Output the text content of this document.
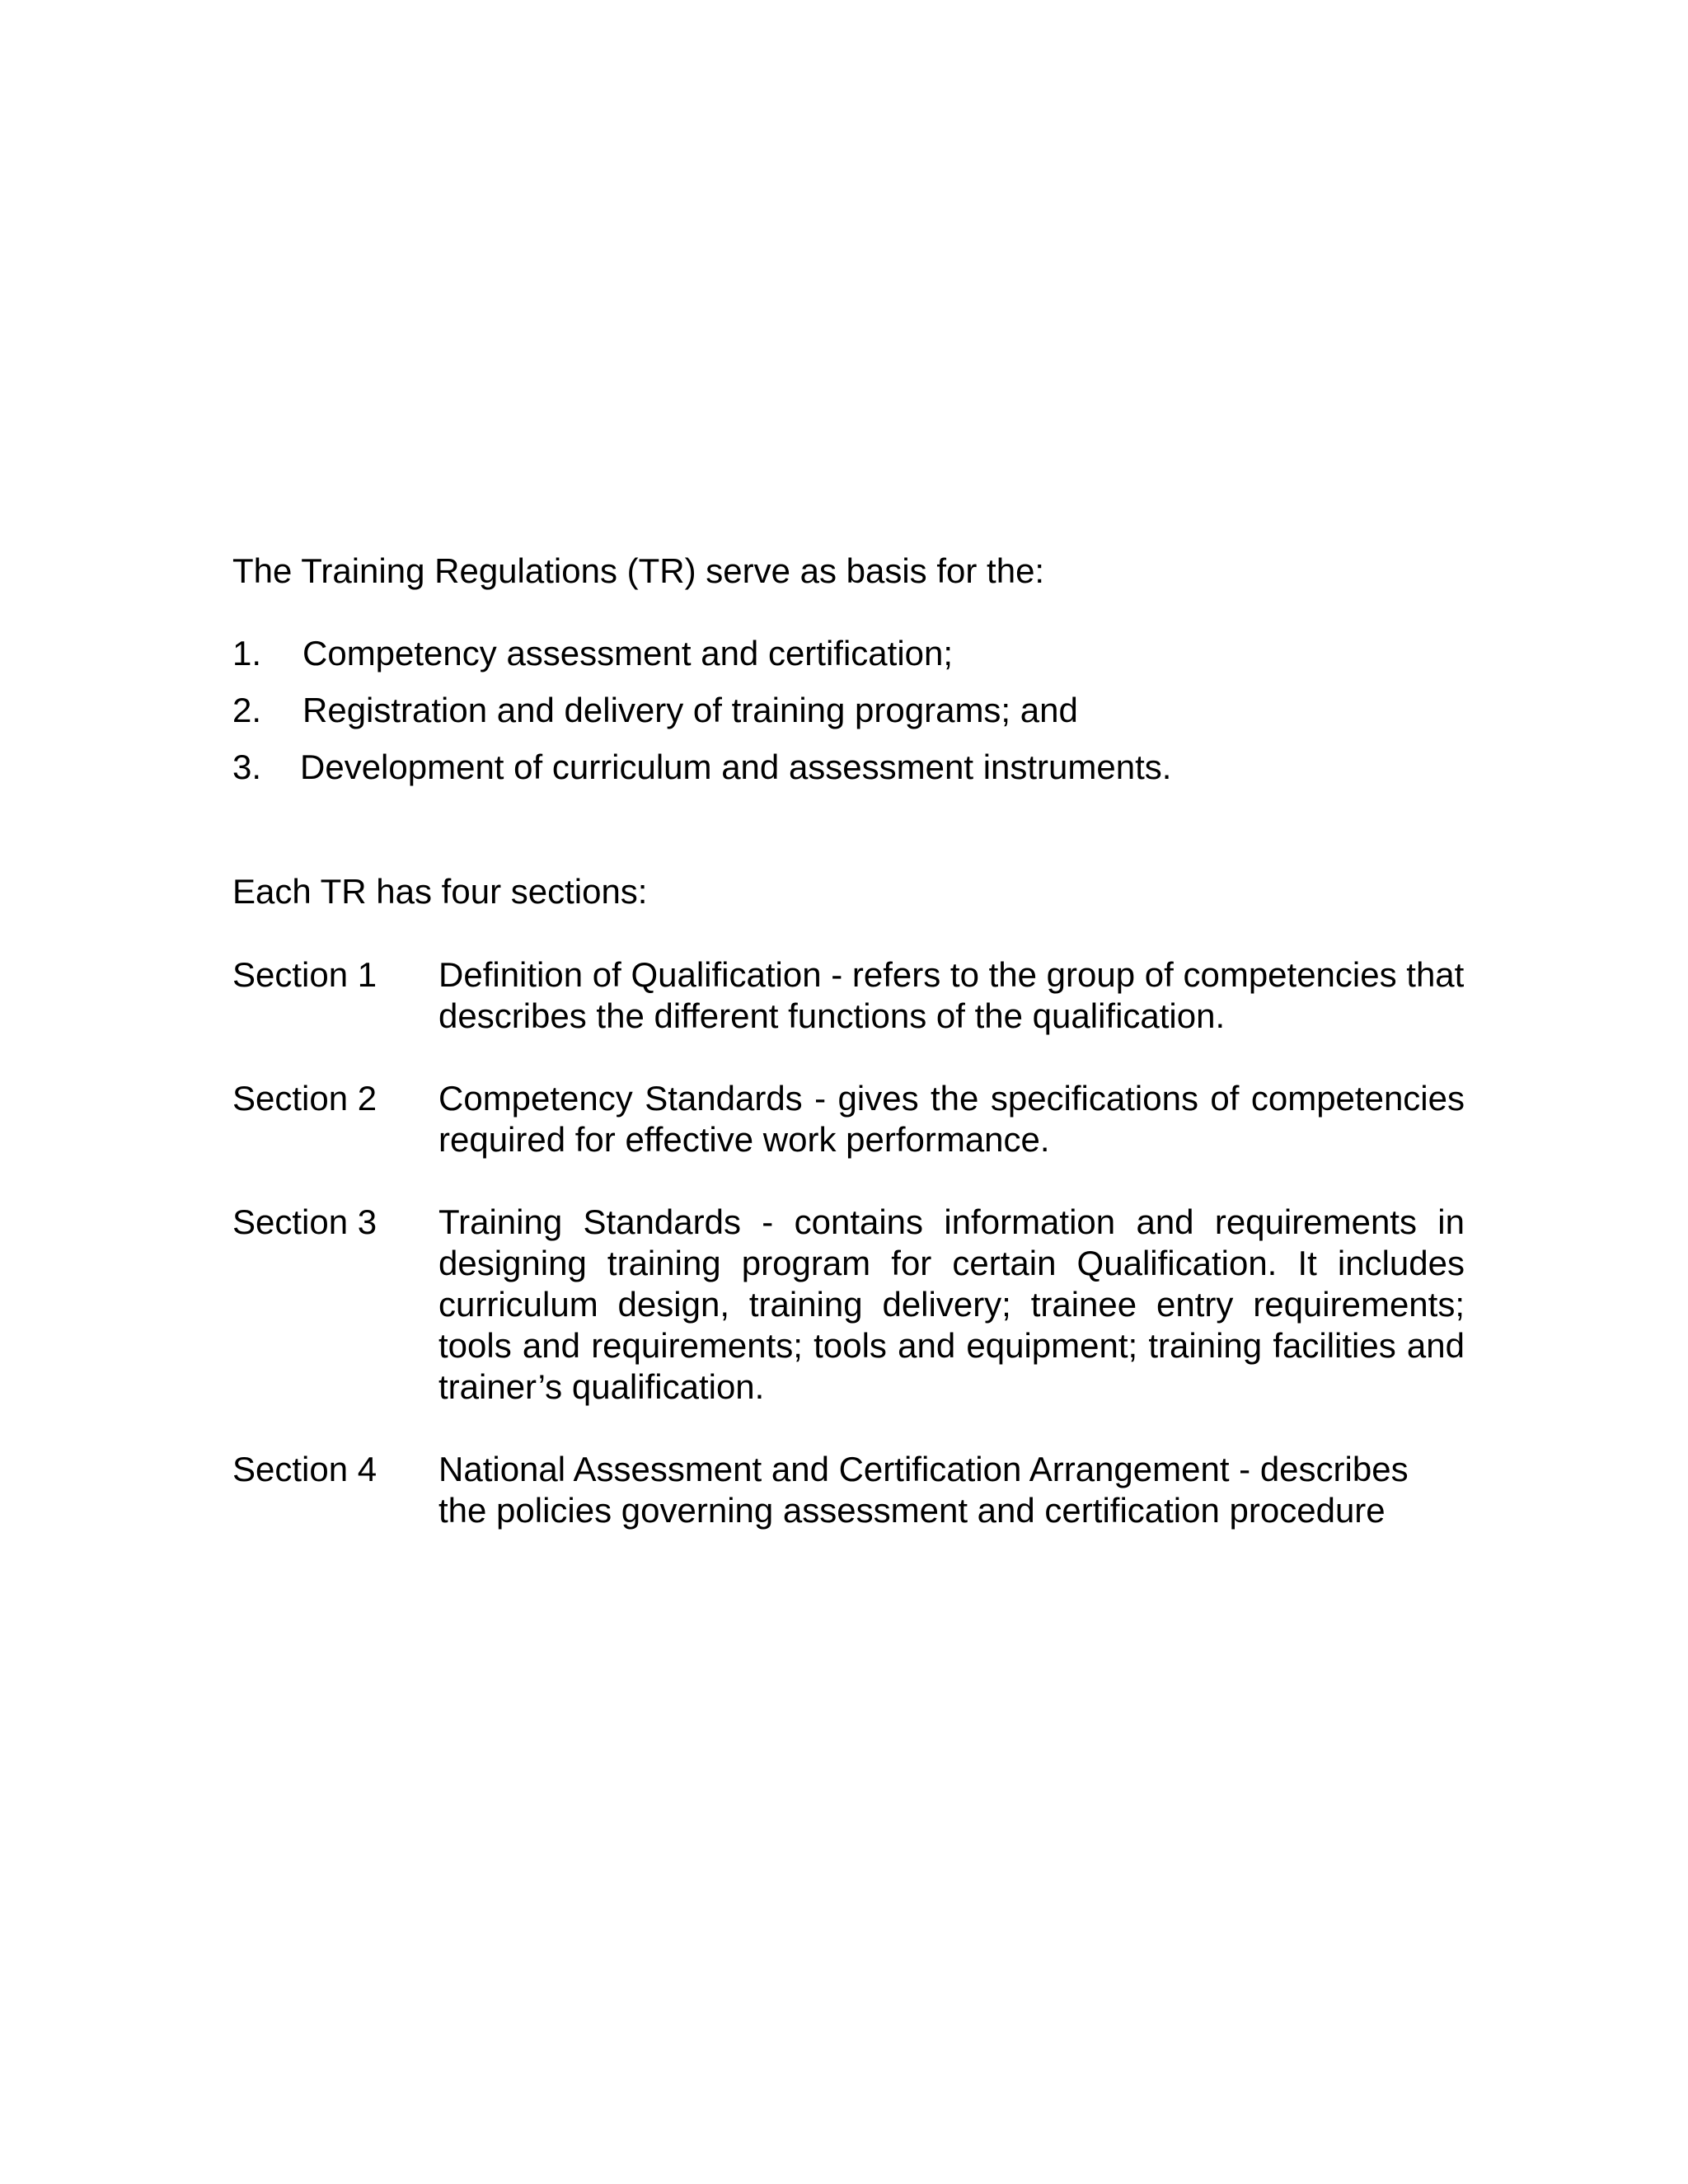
The Training Regulations (TR) serve as basis for the:

1.	Competency assessment and certification;
2.	Registration and delivery of training programs; and
3.	Development of curriculum and assessment instruments.

Each TR has four sections:

Section 1	Definition of Qualification - refers to the group of competencies that describes the different functions of the qualification.
Section 2	Competency Standards - gives the specifications of competencies required for effective work performance.
Section 3	Training Standards - contains information and requirements in designing training program for certain Qualification. It includes curriculum design, training delivery; trainee entry requirements; tools and requirements; tools and equipment; training facilities and trainer’s qualification.
Section 4	National Assessment and Certification Arrangement - describes the policies governing assessment and certification procedure
